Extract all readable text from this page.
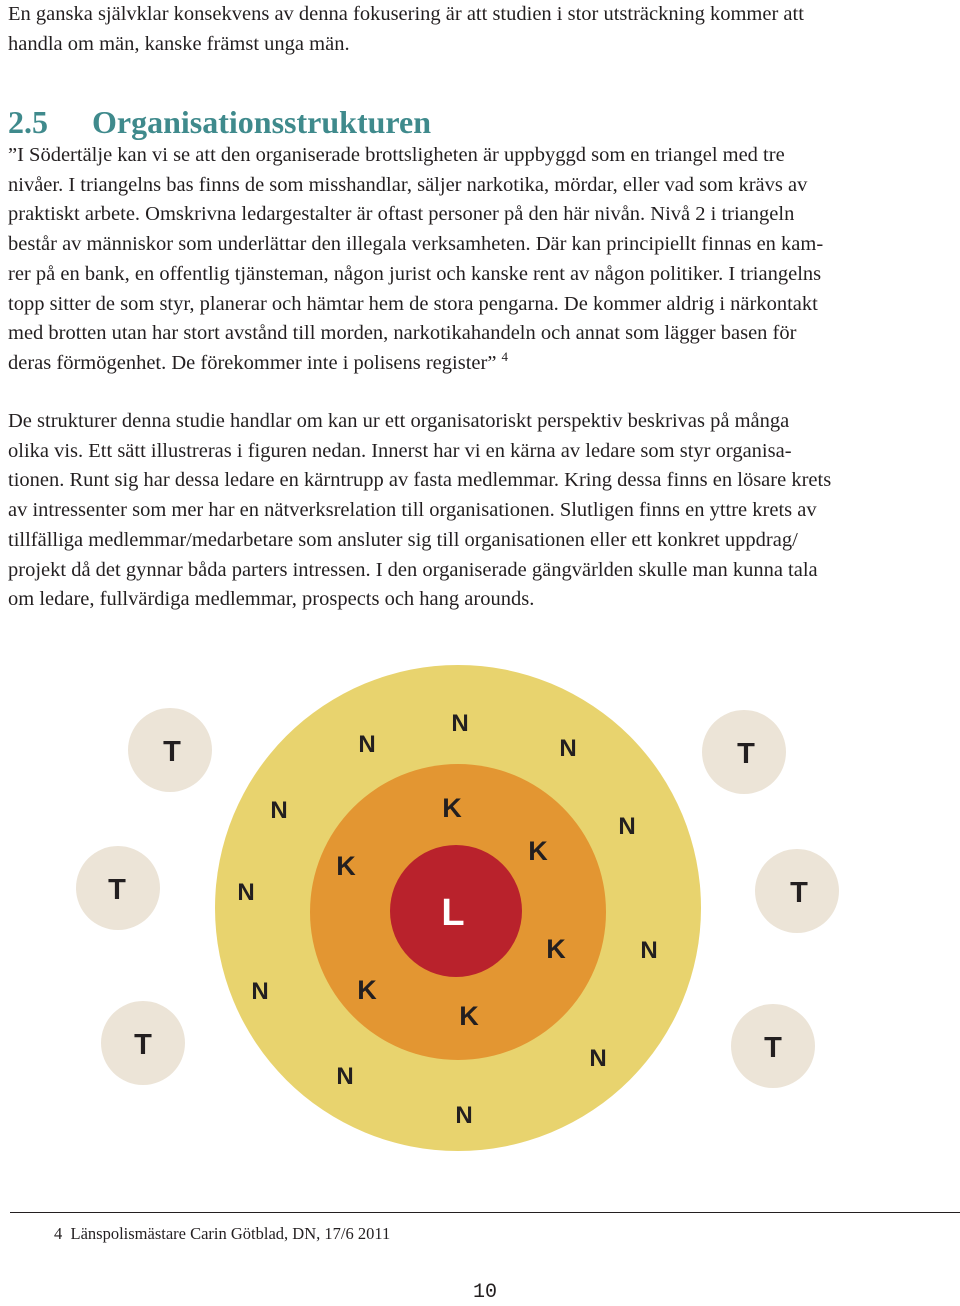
En ganska självklar konsekvens av denna fokusering är att studien i stor utsträckning kommer att
handla om män, kanske främst unga män.

2.5 Organisationsstrukturen

”I Södertälje kan vi se att den organiserade brottsligheten är uppbyggd som en triangel med tre
nivåer. I triangelns bas finns de som misshandlar, säljer narkotika, mördar, eller vad som krävs av
praktiskt arbete. Omskrivna ledargestalter är oftast personer på den här nivån. Nivå 2 i triangeln
består av människor som underlättar den illegala verksamheten. Där kan principiellt finnas en kam-
rer på en bank, en offentlig tjänsteman, någon jurist och kanske rent av någon politiker. I triangelns
topp sitter de som styr, planerar och hämtar hem de stora pengarna. De kommer aldrig i närkontakt
med brotten utan har stort avstånd till morden, narkotikahandeln och annat som lägger basen för
deras förmögenhet. De förekommer inte i polisens register” $^4$

De strukturer denna studie handlar om kan ur ett organisatoriskt perspektiv beskrivas på många
olika vis. Ett sätt illustreras i figuren nedan. Innerst har vi en kärna av ledare som styr organisa-
tionen. Runt sig har dessa ledare en kärntrupp av fasta medlemmar. Kring dessa finns en lösare krets
av intressenter som mer har en nätverksrelation till organisationen. Slutligen finns en yttre krets av
tillfälliga medlemmar/medarbetare som ansluter sig till organisationen eller ett konkret uppdrag/
projekt då det gynnar båda parters intressen. I den organiserade gängvärlden skulle man kunna tala
om ledare, fullvärdiga medlemmar, prospects och hang arounds.

L
K
K	K
K
K
K
N
N	N
N
N
N
N
N
N
N
N
T
T
T
T
T
T
4 Länspolismästare Carin Götblad, DN, 17/6 2011
10
